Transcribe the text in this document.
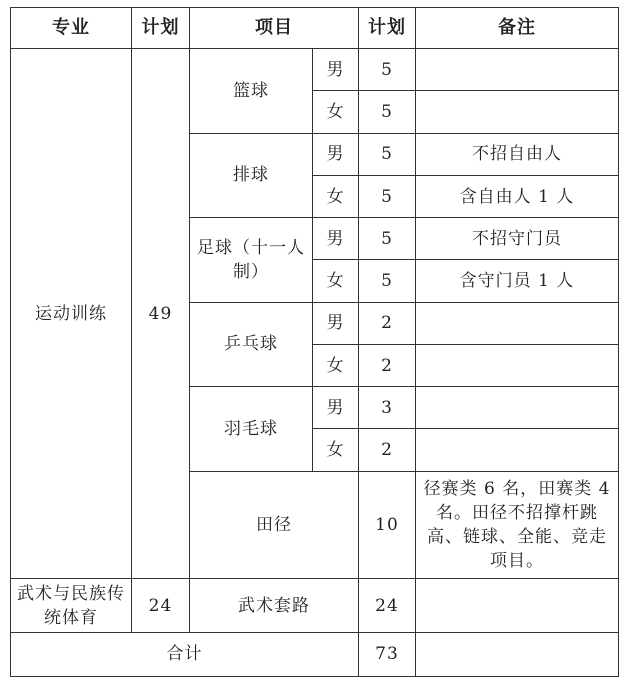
专业	计划	项目		计划	备注
运动训练	49	篮球	男	5	
			女	5	
		排球	男	5	不招自由人
			女	5	含自由人 1 人
		足球（十一人制）	男	5	不招守门员
			女	5	含守门员 1 人
		乒乓球	男	2	
			女	2	
		羽毛球	男	3	
			女	2	
		田径		10	径赛类 6 名，田赛类 4 名。田径不招撑杆跳高、链球、全能、竞走项目。
武术与民族传统体育	24	武术套路		24	
合计				73	
